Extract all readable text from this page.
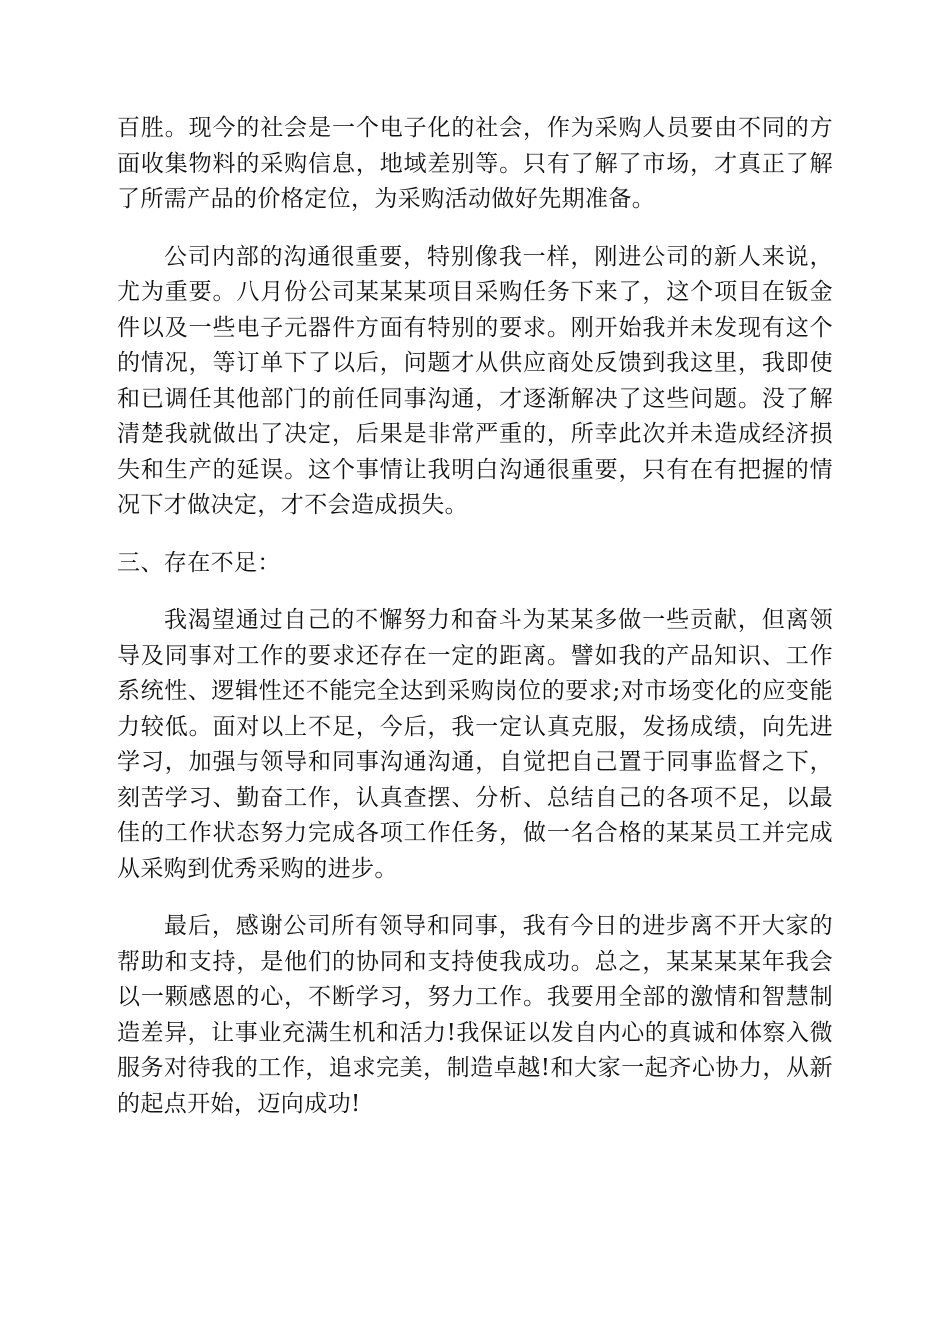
百胜。现今的社会是一个电子化的社会，作为采购人员要由不同的方面收集物料的采购信息，地域差别等。只有了解了市场，才真正了解了所需产品的价格定位，为采购活动做好先期准备。

公司内部的沟通很重要，特别像我一样，刚进公司的新人来说，尤为重要。八月份公司某某某项目采购任务下来了，这个项目在钣金件以及一些电子元器件方面有特别的要求。刚开始我并未发现有这个的情况，等订单下了以后，问题才从供应商处反馈到我这里，我即使和已调任其他部门的前任同事沟通，才逐渐解决了这些问题。没了解清楚我就做出了决定，后果是非常严重的，所幸此次并未造成经济损失和生产的延误。这个事情让我明白沟通很重要，只有在有把握的情况下才做决定，才不会造成损失。

三、存在不足：

我渴望通过自己的不懈努力和奋斗为某某多做一些贡献，但离领导及同事对工作的要求还存在一定的距离。譬如我的产品知识、工作系统性、逻辑性还不能完全达到采购岗位的要求;对市场变化的应变能力较低。面对以上不足，今后，我一定认真克服，发扬成绩，向先进学习，加强与领导和同事沟通沟通，自觉把自己置于同事监督之下，刻苦学习、勤奋工作，认真查摆、分析、总结自己的各项不足，以最佳的工作状态努力完成各项工作任务，做一名合格的某某员工并完成从采购到优秀采购的进步。

最后，感谢公司所有领导和同事，我有今日的进步离不开大家的帮助和支持，是他们的协同和支持使我成功。总之，某某某某年我会以一颗感恩的心，不断学习，努力工作。我要用全部的激情和智慧制造差异，让事业充满生机和活力!我保证以发自内心的真诚和体察入微服务对待我的工作，追求完美，制造卓越!和大家一起齐心协力，从新的起点开始，迈向成功!
